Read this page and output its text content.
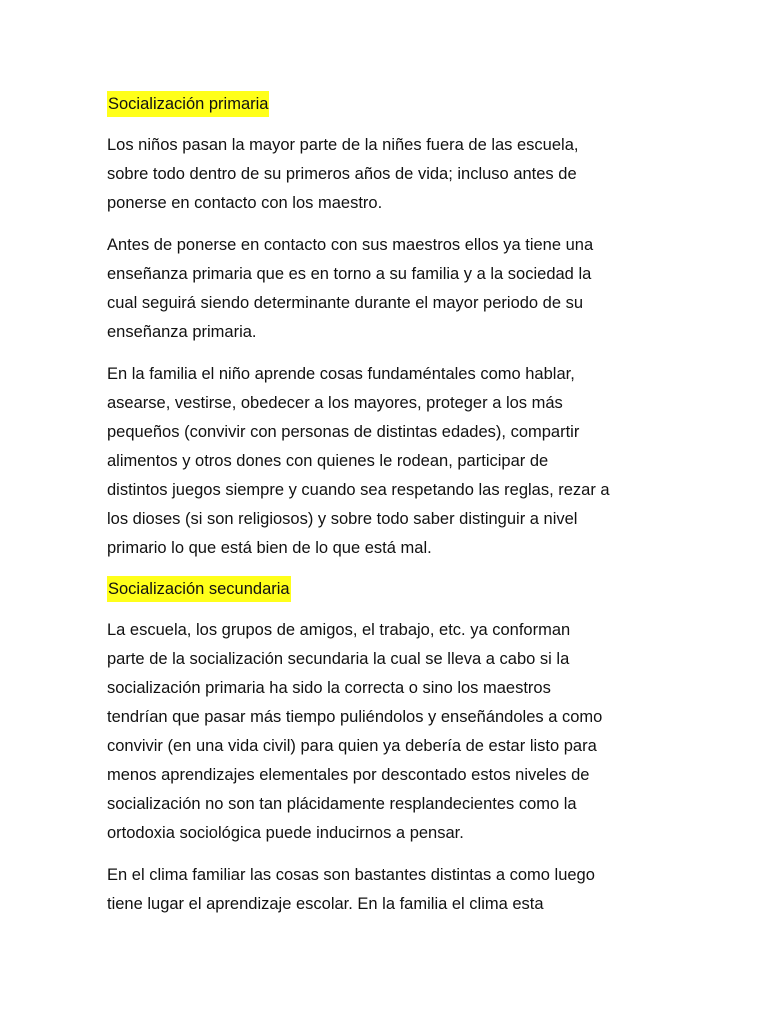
Socialización primaria

Los niños pasan la mayor parte de la niñes fuera de las escuela,
sobre todo dentro de su primeros años de vida; incluso antes de
ponerse en contacto con los maestro.

Antes de ponerse en contacto con sus maestros ellos ya tiene una
enseñanza primaria que es en torno a su familia y a la sociedad la
cual seguirá siendo determinante durante el mayor periodo de su
enseñanza primaria.

En la familia el niño aprende cosas fundaméntales como hablar,
asearse, vestirse, obedecer a los mayores, proteger a los más
pequeños (convivir con personas de distintas edades), compartir
alimentos y otros dones con quienes le rodean, participar de
distintos juegos siempre y cuando sea respetando las reglas, rezar a
los dioses (si son religiosos) y sobre todo saber distinguir a nivel
primario lo que está bien de lo que está mal.

Socialización secundaria

La escuela, los grupos de amigos, el trabajo, etc. ya conforman
parte de la socialización secundaria la cual se lleva a cabo si la
socialización primaria ha sido la correcta o sino los maestros
tendrían que pasar más tiempo puliéndolos y enseñándoles a como
convivir (en una vida civil) para quien ya debería de estar listo para
menos aprendizajes elementales por descontado estos niveles de
socialización no son tan plácidamente resplandecientes como la
ortodoxia sociológica puede inducirnos a pensar.

En el clima familiar las cosas son bastantes distintas a como luego
tiene lugar el aprendizaje escolar. En la familia el clima esta
